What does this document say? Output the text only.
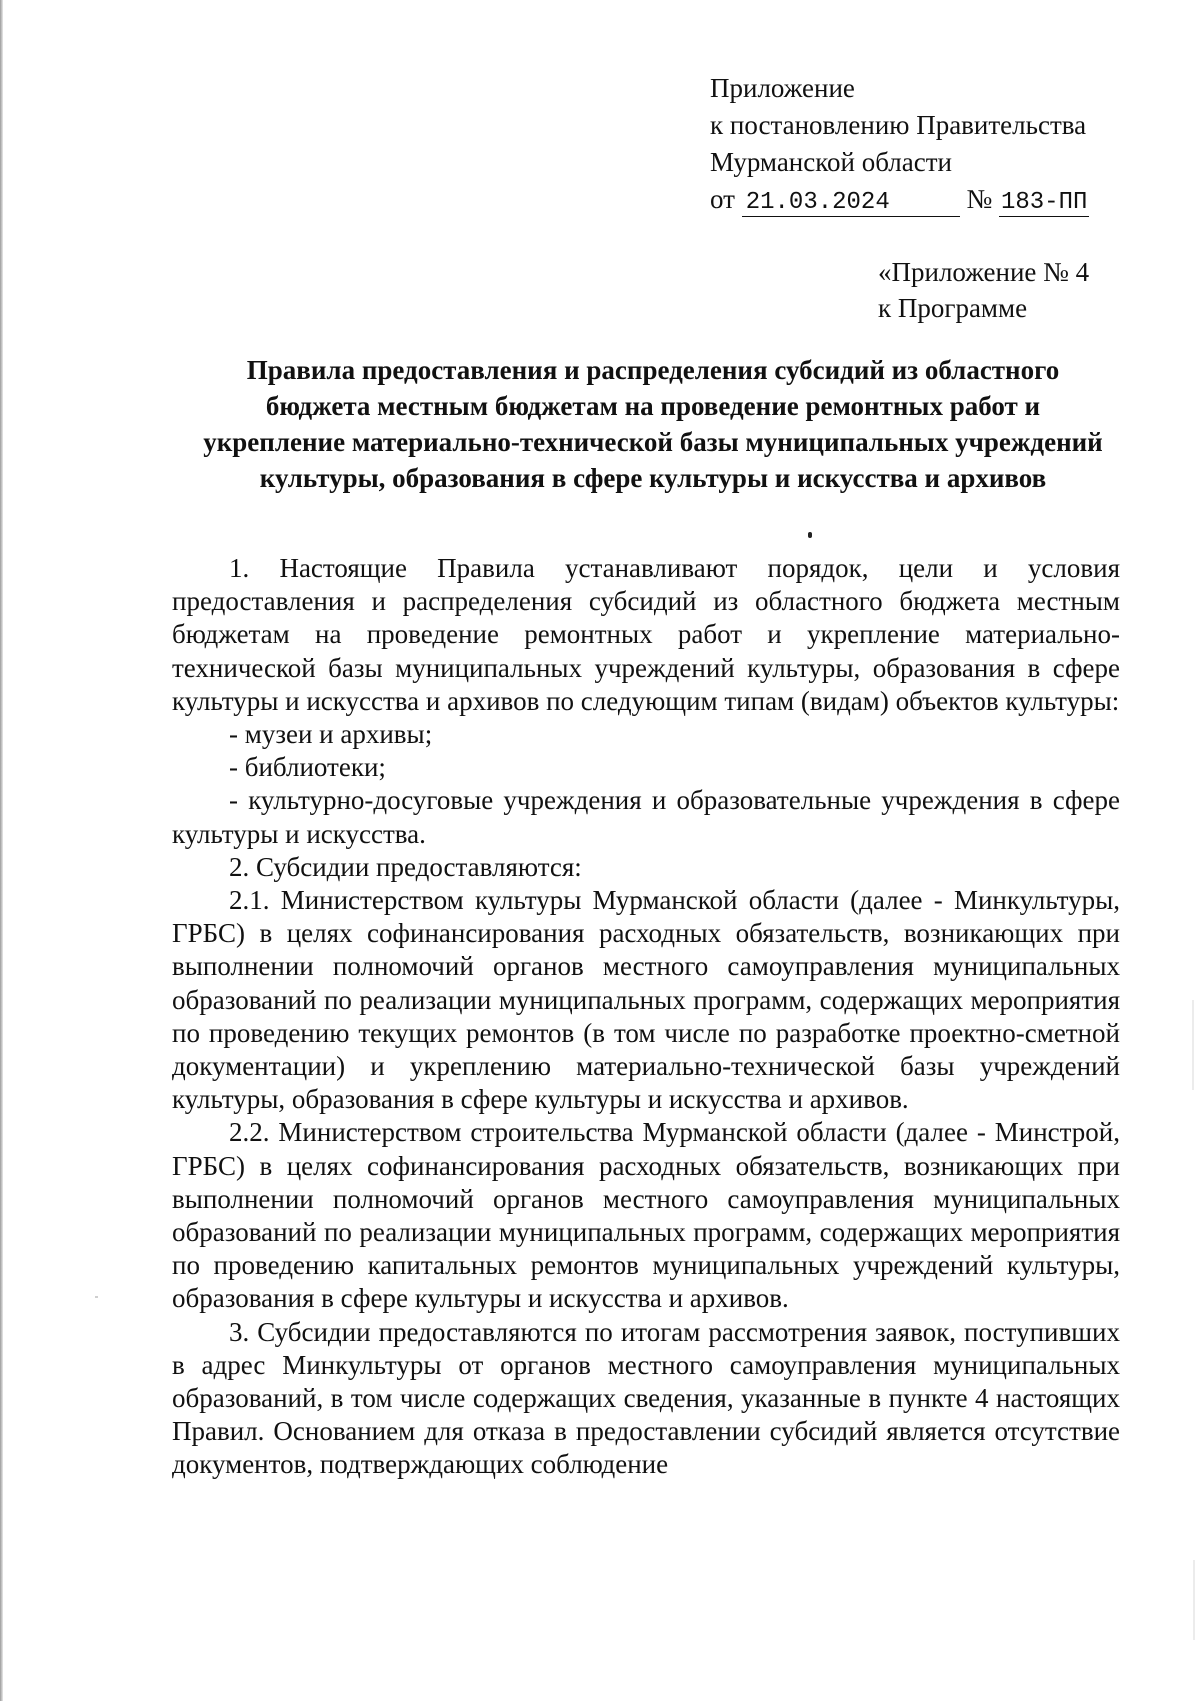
Приложение
к постановлению Правительства
Мурманской области
от 21.03.2024	№ 183-ПП
«Приложение № 4
к Программе
Правила предоставления и распределения субсидий из областного
бюджета местным бюджетам на проведение ремонтных работ и
укрепление материально-технической базы муниципальных учреждений
культуры, образования в сфере культуры и искусства и архивов

1. Настоящие Правила устанавливают порядок, цели и условия предоставления и распределения субсидий из областного бюджета местным бюджетам на проведение ремонтных работ и укрепление материально-технической базы муниципальных учреждений культуры, образования в сфере культуры и искусства и архивов по следующим типам (видам) объектов культуры:

- музеи и архивы;

- библиотеки;

- культурно-досуговые учреждения и образовательные учреждения в сфере культуры и искусства.

2. Субсидии предоставляются:

2.1. Министерством культуры Мурманской области (далее - Минкультуры, ГРБС) в целях софинансирования расходных обязательств, возникающих при выполнении полномочий органов местного самоуправления муниципальных образований по реализации муниципальных программ, содержащих мероприятия по проведению текущих ремонтов (в том числе по разработке проектно-сметной документации) и укреплению материально-технической базы учреждений культуры, образования в сфере культуры и искусства и архивов.

2.2. Министерством строительства Мурманской области (далее - Минстрой, ГРБС) в целях софинансирования расходных обязательств, возникающих при выполнении полномочий органов местного самоуправления муниципальных образований по реализации муниципальных программ, содержащих мероприятия по проведению капитальных ремонтов муниципальных учреждений культуры, образования в сфере культуры и искусства и архивов.

3. Субсидии предоставляются по итогам рассмотрения заявок, поступивших в адрес Минкультуры от органов местного самоуправления муниципальных образований, в том числе содержащих сведения, указанные в пункте 4 настоящих Правил. Основанием для отказа в предоставлении субсидий является отсутствие документов, подтверждающих соблюдение
